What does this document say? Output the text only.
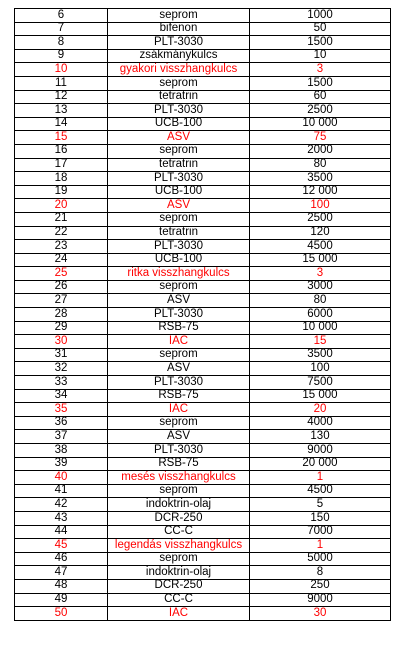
6	seprom	1000
7	bifenon	50
8	PLT-3030	1500
9	zsákmánykulcs	10
10	gyakori visszhangkulcs	3
11	seprom	1500
12	tetratrin	60
13	PLT-3030	2500
14	UCB-100	10 000
15	ASV	75
16	seprom	2000
17	tetratrin	80
18	PLT-3030	3500
19	UCB-100	12 000
20	ASV	100
21	seprom	2500
22	tetratrin	120
23	PLT-3030	4500
24	UCB-100	15 000
25	ritka visszhangkulcs	3
26	seprom	3000
27	ASV	80
28	PLT-3030	6000
29	RSB-75	10 000
30	IAC	15
31	seprom	3500
32	ASV	100
33	PLT-3030	7500
34	RSB-75	15 000
35	IAC	20
36	seprom	4000
37	ASV	130
38	PLT-3030	9000
39	RSB-75	20 000
40	mesés visszhangkulcs	1
41	seprom	4500
42	indoktrin-olaj	5
43	DCR-250	150
44	CC-C	7000
45	legendás visszhangkulcs	1
46	seprom	5000
47	indoktrin-olaj	8
48	DCR-250	250
49	CC-C	9000
50	IAC	30
